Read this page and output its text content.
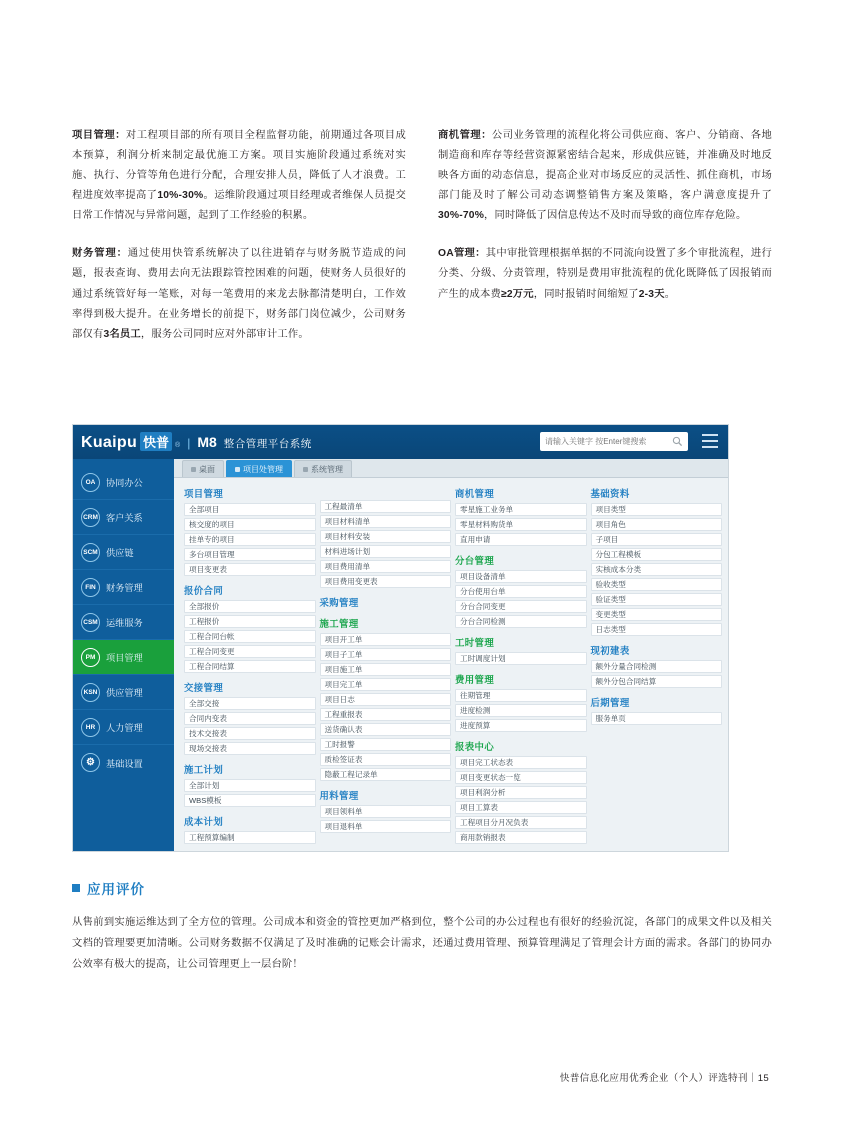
项目管理：对工程项目部的所有项目全程监督功能，前期通过各项目成本预算，利润分析来制定最优施工方案。项目实施阶段通过系统对实施、执行、分管等角色进行分配，合理安排人员，降低了人才浪费。工程进度效率提高了10%-30%。运维阶段通过项目经理或者维保人员提交日常工作情况与异常问题，起到了工作经验的积累。

财务管理：通过使用快管系统解决了以往进销存与财务脱节造成的问题，报表查询、费用去向无法跟踪管控困难的问题，使财务人员很好的通过系统管好每一笔账，对每一笔费用的来龙去脉都清楚明白，工作效率得到极大提升。在业务增长的前提下，财务部门岗位减少，公司财务部仅有3名员工，服务公司同时应对外部审计工作。

商机管理：公司业务管理的流程化将公司供应商、客户、分销商、各地制造商和库存等经营资源紧密结合起来，形成供应链，并准确及时地反映各方面的动态信息，提高企业对市场反应的灵活性、抓住商机，市场部门能及时了解公司动态调整销售方案及策略，客户满意度提升了30%-70%，同时降低了因信息传达不及时而导致的商位库存危险。

OA管理：其中审批管理根据单据的不同流向设置了多个审批流程，进行分类、分级、分责管理，特别是费用审批流程的优化既降低了因报销而产生的成本费≥2万元，同时报销时间缩短了2-3天。

Kuaipu 快普 ® | M8 整合管理平台系统
请输入关键字 按Enter键搜索
OA	协同办公
CRM 客户关系
SCM 供应链
FIN	财务管理
CSM 运维服务
PM	项目管理
KSN 供应管理
HR	人力管理
⚙	基础设置
桌面	项目处管理	系统管理
项目管理
全部项目
核交度的项目
挂单专的项目
多台项目管理
项目变更表
报价合同
全部报价
工程报价
工程合同台帐
工程合同变更
工程合同结算
交接管理
全部交接
合同内变表
技术交接表
现场交接表
施工计划
全部计划
WBS模板
成本计划
工程预算编制
工程最清单
项目材料清单
项目材料安装
材料进场计划
项目费用清单
项目费用变更表
采购管理
施工管理
项目开工单
项目子工单
项目施工单
项目完工单
项目日志
工程重报表
送货确认表
工时报警
质检签证表
隐蔽工程记录单
用料管理
项目领料单
项目退料单
商机管理
零星施工业务单
零星材料购货单
直用申请
分台管理
项目设备清单
分台使用台单
分台合同变更
分台合同检测
工时管理
工时调度计划
费用管理
往期管理
进度检测
进度预算
报表中心
项目完工状态表
项目变更状态一览
项目利润分析
项目工算表
工程项目分月况负表
商用款销报表
基础资料
项目类型
项目角色
子项目
分包工程模板
实核成本分类
验收类型
验证类型
变更类型
日志类型
现初建表
额外分量合同检测
额外分包合同结算
后期管理
服务单页
应用评价
从售前到实施运维达到了全方位的管理。公司成本和资金的管控更加严格到位，整个公司的办公过程也有很好的经验沉淀，各部门的成果文件以及相关文档的管理要更加清晰。公司财务数据不仅满足了及时准确的记账会计需求，还通过费用管理、预算管理满足了管理会计方面的需求。各部门的协同办公效率有极大的提高，让公司管理更上一层台阶！
快普信息化应用优秀企业（个人）评选特刊｜15
